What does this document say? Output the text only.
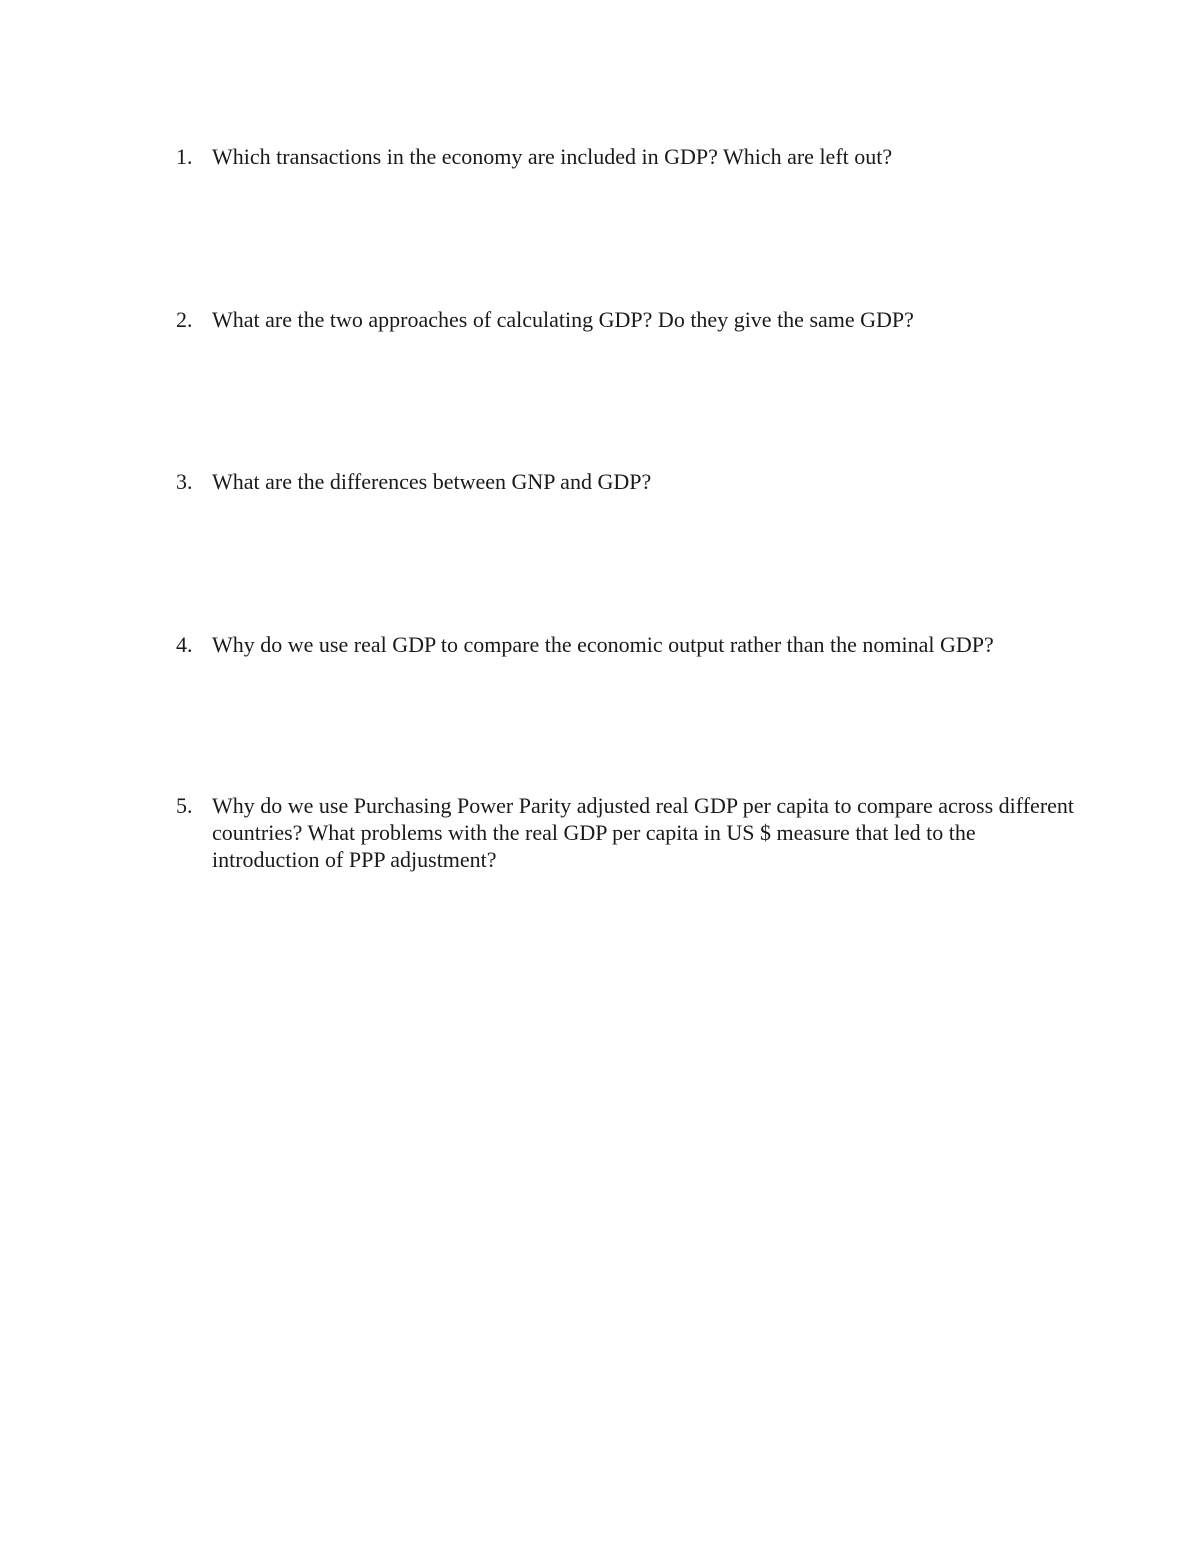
1. Which transactions in the economy are included in GDP? Which are left out?
2. What are the two approaches of calculating GDP? Do they give the same GDP?
3. What are the differences between GNP and GDP?
4. Why do we use real GDP to compare the economic output rather than the nominal GDP?
5. Why do we use Purchasing Power Parity adjusted real GDP per capita to compare across different countries? What problems with the real GDP per capita in US $ measure that led to the introduction of PPP adjustment?
